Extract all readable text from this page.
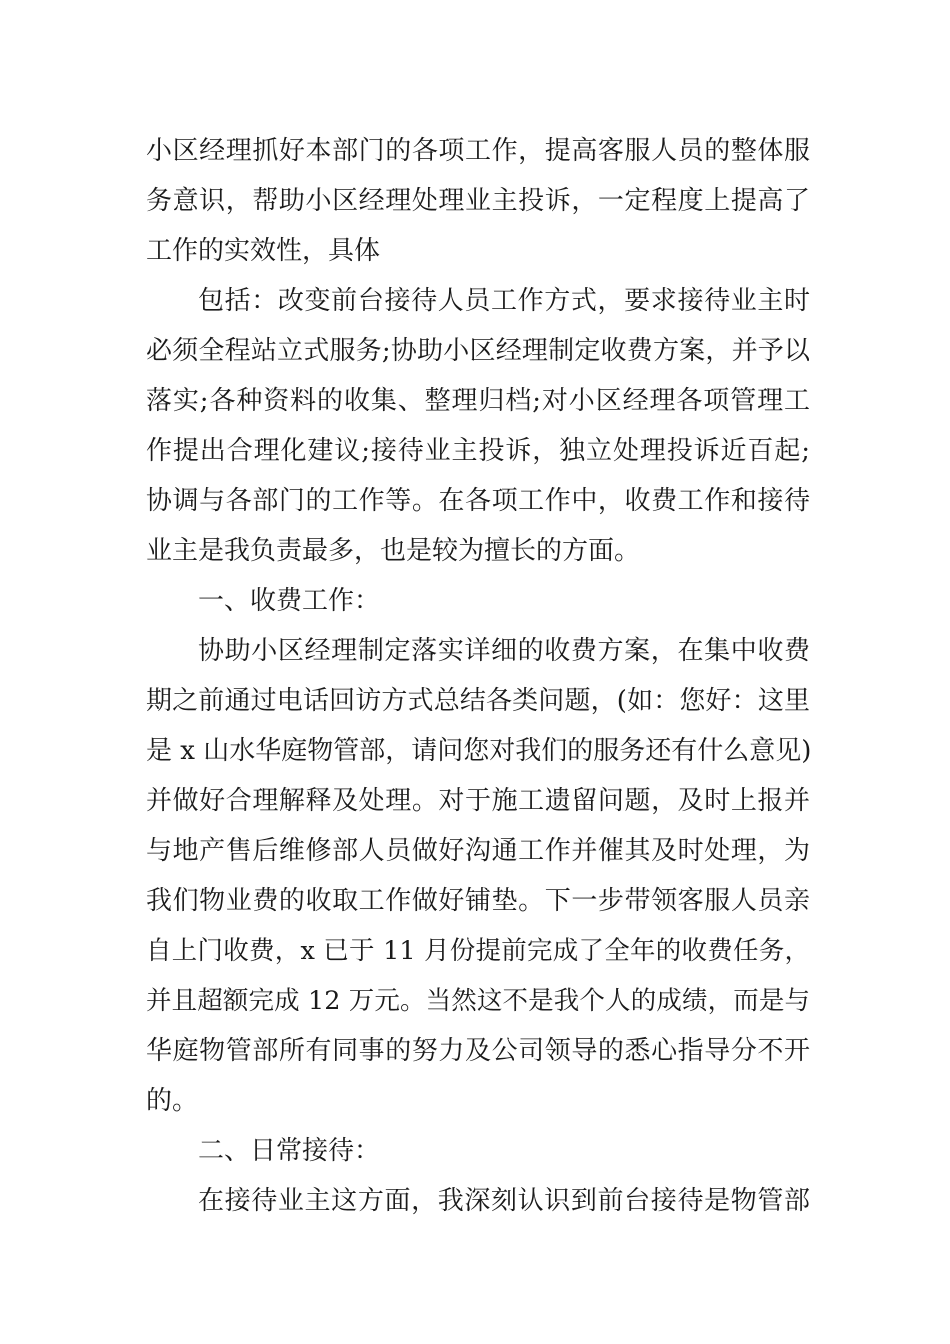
小区经理抓好本部门的各项工作，提高客服人员的整体服
务意识，帮助小区经理处理业主投诉，一定程度上提高了
工作的实效性，具体
包括：改变前台接待人员工作方式，要求接待业主时
必须全程站立式服务;协助小区经理制定收费方案，并予以
落实;各种资料的收集、整理归档;对小区经理各项管理工
作提出合理化建议;接待业主投诉，独立处理投诉近百起;
协调与各部门的工作等。在各项工作中，收费工作和接待
业主是我负责最多，也是较为擅长的方面。
一、收费工作：
协助小区经理制定落实详细的收费方案，在集中收费
期之前通过电话回访方式总结各类问题，(如：您好：这里
是 x 山水华庭物管部，请问您对我们的服务还有什么意见)
并做好合理解释及处理。对于施工遗留问题，及时上报并
与地产售后维修部人员做好沟通工作并催其及时处理，为
我们物业费的收取工作做好铺垫。下一步带领客服人员亲
自上门收费，x 已于 11 月份提前完成了全年的收费任务，
并且超额完成 12 万元。当然这不是我个人的成绩，而是与
华庭物管部所有同事的努力及公司领导的悉心指导分不开
的。
二、日常接待：
在接待业主这方面，我深刻认识到前台接待是物管部
